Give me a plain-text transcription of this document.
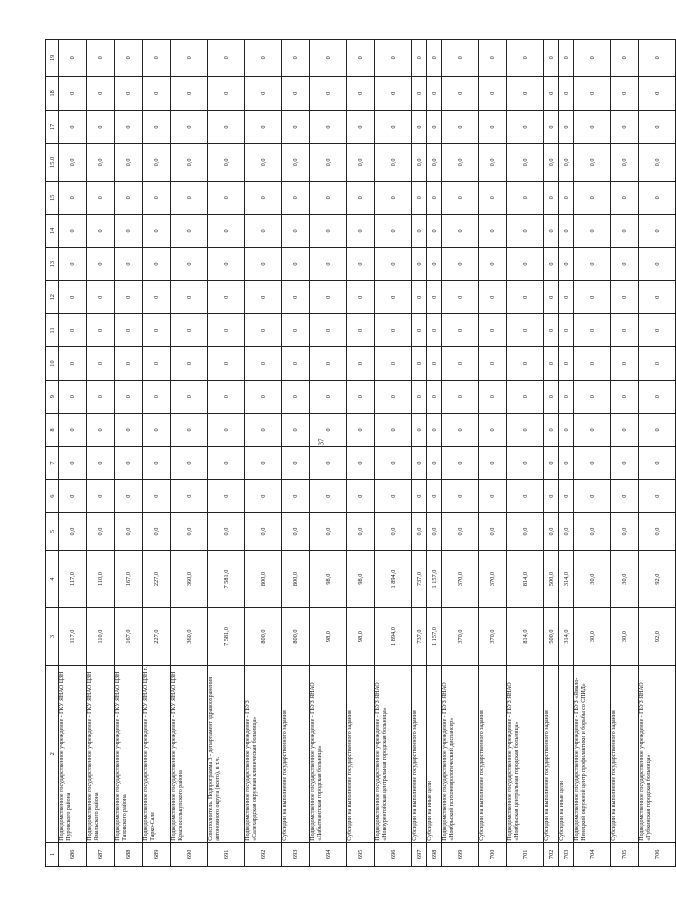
37
1	2	3	4	5	6	7	8	9	10	11	12	13	14	15	15.0	17	18	19
686	Подведомственное государственное учреждение - ГКУ ЯНАО ЦЗН Пуровского района	117,0	117,0	0,0	0	0	0	0	0	0	0	0	0	0	0,0	0	0	0
687	Подведомственное государственное учреждение - ГКУ ЯНАО ЦЗН Ямальского района	110,0	110,0	0,0	0	0	0	0	0	0	0	0	0	0	0,0	0	0	0
688	Подведомственное государственное учреждение - ГКУ ЯНАО ЦЗН Тазовского района	167,0	167,0	0,0	0	0	0	0	0	0	0	0	0	0	0,0	0	0	0
689	Подведомственное государственное учреждение - ГКУ ЯНАО ЦЗН г. Тарко-Сале	227,0	227,0	0,0	0	0	0	0	0	0	0	0	0	0	0,0	0	0	0
690	Подведомственное государственное учреждение - ГКУ ЯНАО ЦЗН Красноселькупского района	360,0	360,0	0,0	0	0	0	0	0	0	0	0	0	0	0,0	0	0	0
691	Соисполнитель. Подпрограмма 3 - департамент здравоохранения автономного округа (всего), в т.ч.	7 581,0	7 581,0	0,0	0	0	0	0	0	0	0	0	0	0	0,0	0	0	0
692	Подведомственное государственное учреждение - ГБУЗ «Салехардская окружная клиническая больница»	800,0	800,0	0,0	0	0	0	0	0	0	0	0	0	0	0,0	0	0	0
693	Субсидии на выполнение государственного задания	800,0	800,0	0,0	0	0	0	0	0	0	0	0	0	0	0,0	0	0	0
694	Подведомственное государственное учреждение - ГБУЗ ЯНАО «Лабытнангская городская больница»	98,0	98,0	0,0	0	0	0	0	0	0	0	0	0	0	0,0	0	0	0
695	Субсидии на выполнение государственного задания	98,0	98,0	0,0	0	0	0	0	0	0	0	0	0	0	0,0	0	0	0
696	Подведомственное государственное учреждение - ГБУЗ ЯНАО «Новоуренгойская центральная городская больница»	1 894,0	1 894,0	0,0	0	0	0	0	0	0	0	0	0	0	0,0	0	0	0
697	Субсидии на выполнение государственного задания	737,0	737,0	0,0	0	0	0	0	0	0	0	0	0	0	0,0	0	0	0
698	Субсидии на иные цели	1 157,0	1 157,0	0,0	0	0	0	0	0	0	0	0	0	0	0,0	0	0	0
699	Подведомственное государственное учреждение - ГБУЗ ЯНАО «Ноябрьский психоневрологический диспансер»	370,0	370,0	0,0	0	0	0	0	0	0	0	0	0	0	0,0	0	0	0
700	Субсидии на выполнение государственного задания	370,0	370,0	0,0	0	0	0	0	0	0	0	0	0	0	0,0	0	0	0
701	Подведомственное государственное учреждение - ГБУЗ ЯНАО «Ноябрьская центральная городская больница»	814,0	814,0	0,0	0	0	0	0	0	0	0	0	0	0	0,0	0	0	0
702	Субсидии на выполнение государственного задания	500,0	500,0	0,0	0	0	0	0	0	0	0	0	0	0	0,0	0	0	0
703	Субсидии на иные цели	314,0	314,0	0,0	0	0	0	0	0	0	0	0	0	0	0,0	0	0	0
704	Подведомственное государственное учреждение - ГБУЗ «Ямало-Ненецкий окружной центр профилактики и борьбы со СПИД»	30,0	30,0	0,0	0	0	0	0	0	0	0	0	0	0	0,0	0	0	0
705	Субсидии на выполнение государственного задания	30,0	30,0	0,0	0	0	0	0	0	0	0	0	0	0	0,0	0	0	0
706	Подведомственное государственное учреждение - ГБУЗ ЯНАО «Губкинская городская больница»	92,0	92,0	0,0	0	0	0	0	0	0	0	0	0	0	0,0	0	0	0
